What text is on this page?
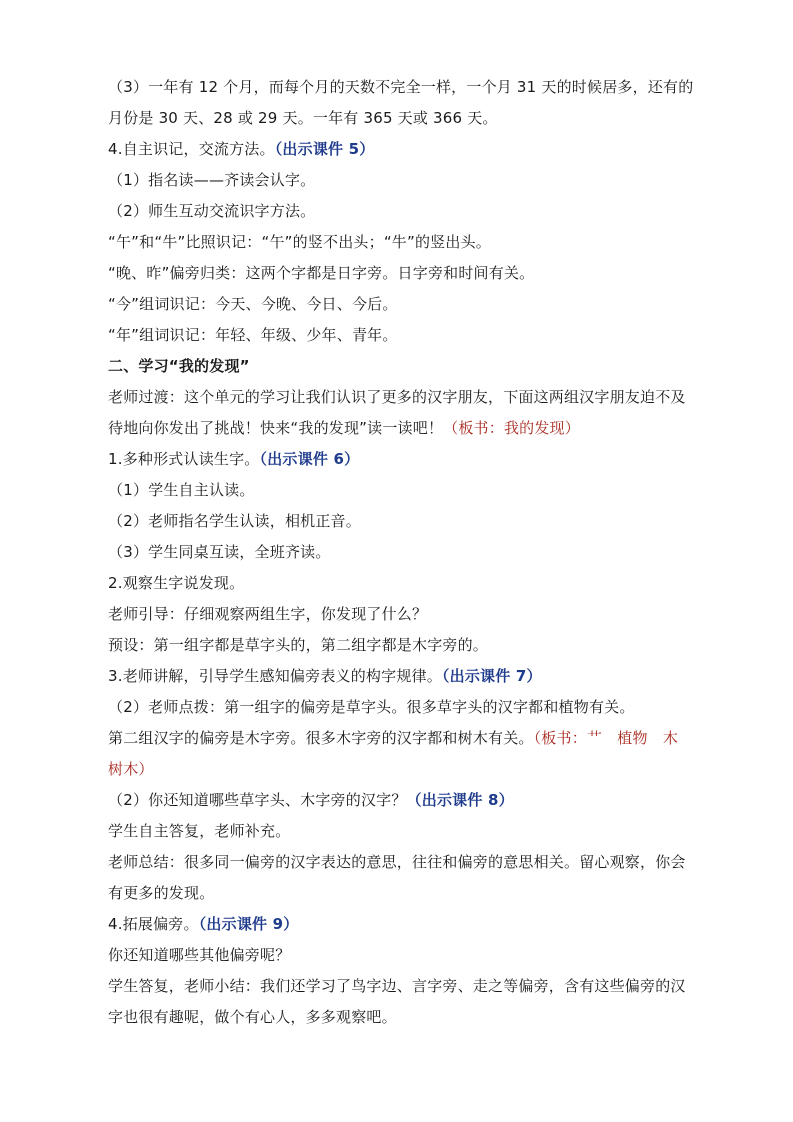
（3）一年有 12 个月，而每个月的天数不完全一样，一个月 31 天的时候居多，还有的
月份是 30 天、28 或 29 天。一年有 365 天或 366 天。
4.自主识记，交流方法。（出示课件 5）
（1）指名读——齐读会认字。
（2）师生互动交流识字方法。
“午”和“牛”比照识记：“午”的竖不出头；“牛”的竖出头。
“晚、昨”偏旁归类：这两个字都是日字旁。日字旁和时间有关。
“今”组词识记：今天、今晚、今日、今后。
“年”组词识记：年轻、年级、少年、青年。
二、学习“我的发现”
老师过渡：这个单元的学习让我们认识了更多的汉字朋友，下面这两组汉字朋友迫不及
待地向你发出了挑战！快来“我的发现”读一读吧！（板书：我的发现）
1.多种形式认读生字。（出示课件 6）
（1）学生自主认读。
（2）老师指名学生认读，相机正音。
（3）学生同桌互读，全班齐读。
2.观察生字说发现。
老师引导：仔细观察两组生字，你发现了什么？
预设：第一组字都是草字头的，第二组字都是木字旁的。
3.老师讲解，引导学生感知偏旁表义的构字规律。（出示课件 7）
（2）老师点拨：第一组字的偏旁是草字头。很多草字头的汉字都和植物有关。
第二组汉字的偏旁是木字旁。很多木字旁的汉字都和树木有关。（板书：艹　植物　木
树木）
（2）你还知道哪些草字头、木字旁的汉字？（出示课件 8）
学生自主答复，老师补充。
老师总结：很多同一偏旁的汉字表达的意思，往往和偏旁的意思相关。留心观察，你会
有更多的发现。
4.拓展偏旁。（出示课件 9）
你还知道哪些其他偏旁呢？
学生答复，老师小结：我们还学习了鸟字边、言字旁、走之等偏旁，含有这些偏旁的汉
字也很有趣呢，做个有心人，多多观察吧。
